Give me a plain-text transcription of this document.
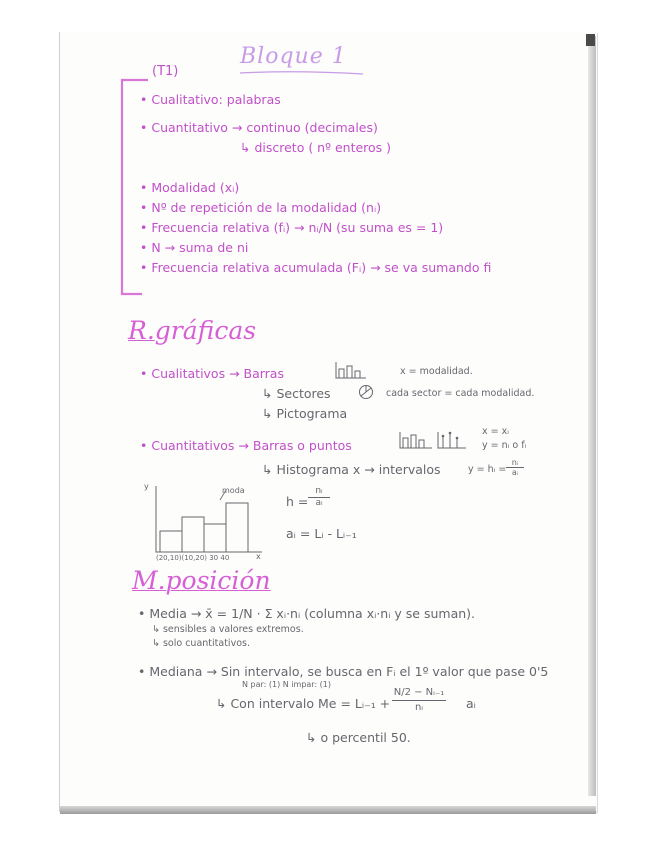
Bloque 1
(T1)
• Cualitativo: palabras
• Cuantitativo → continuo (decimales)
↳ discreto ( nº enteros )
• Modalidad (xᵢ)
• Nº de repetición de la modalidad (nᵢ)
• Frecuencia relativa (fᵢ) → nᵢ/N (su suma es = 1)
• N → suma de ni
• Frecuencia relativa acumulada (Fᵢ) → se va sumando fi
R.gráficas
• Cualitativos → Barras	x = modalidad.
↳ Sectores	cada sector = cada modalidad.
↳ Pictograma
• Cuantitativos → Barras o puntos
x = xᵢ
y = nᵢ o fᵢ
↳ Histograma x → intervalos	y = hᵢ = $\frac{\text{nᵢ}}{\text{aᵢ}}$
y	moda
x
(20,10)(10,20) 30 40
$h = \frac{\text{nᵢ}}{\text{aᵢ}}$
aᵢ = Lᵢ - Lᵢ₋₁
M.posición
• Media → x̄ = 1/N · Σ xᵢ·nᵢ (columna xᵢ·nᵢ y se suman).
↳ sensibles a valores extremos.
↳ solo cuantitativos.
• Mediana → Sin intervalo, se busca en Fᵢ el 1º valor que pase 0'5
N par: (1) N impar: (1)
↳ Con intervalo Me = Lᵢ₋₁ + $\frac{\text{N/2 − Nᵢ₋₁}}{\text{nᵢ}}$ aᵢ
↳ o percentil 50.
